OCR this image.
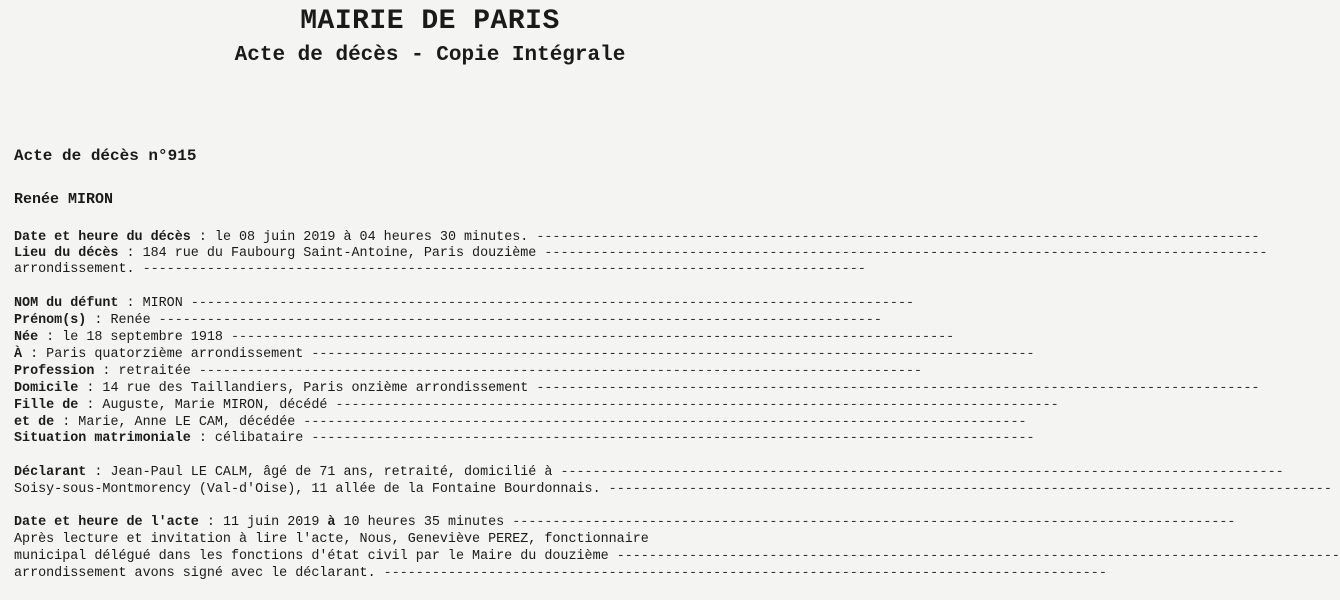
MAIRIE DE PARIS
Acte de décès - Copie Intégrale
Acte de décès n°915
Renée MIRON
Date et heure du décès : le 08 juin 2019 à 04 heures 30 minutes. ------------------------------------------------------------------------------------------
Lieu du décès : 184 rue du Faubourg Saint-Antoine, Paris douzième ------------------------------------------------------------------------------------------
arrondissement. ------------------------------------------------------------------------------------------
NOM du défunt : MIRON ------------------------------------------------------------------------------------------
Prénom(s) : Renée ------------------------------------------------------------------------------------------
Née : le 18 septembre 1918 ------------------------------------------------------------------------------------------
À : Paris quatorzième arrondissement ------------------------------------------------------------------------------------------
Profession : retraitée ------------------------------------------------------------------------------------------
Domicile : 14 rue des Taillandiers, Paris onzième arrondissement ------------------------------------------------------------------------------------------
Fille de : Auguste, Marie MIRON, décédé ------------------------------------------------------------------------------------------
et de : Marie, Anne LE CAM, décédée ------------------------------------------------------------------------------------------
Situation matrimoniale : célibataire ------------------------------------------------------------------------------------------
Déclarant : Jean-Paul LE CALM, âgé de 71 ans, retraité, domicilié à ------------------------------------------------------------------------------------------
Soisy-sous-Montmorency (Val-d'Oise), 11 allée de la Fontaine Bourdonnais. ------------------------------------------------------------------------------------------
Date et heure de l'acte : 11 juin 2019 à 10 heures 35 minutes ------------------------------------------------------------------------------------------
Après lecture et invitation à lire l'acte, Nous, Geneviève PEREZ, fonctionnaire
municipal délégué dans les fonctions d'état civil par le Maire du douzième ------------------------------------------------------------------------------------------
arrondissement avons signé avec le déclarant. ------------------------------------------------------------------------------------------
